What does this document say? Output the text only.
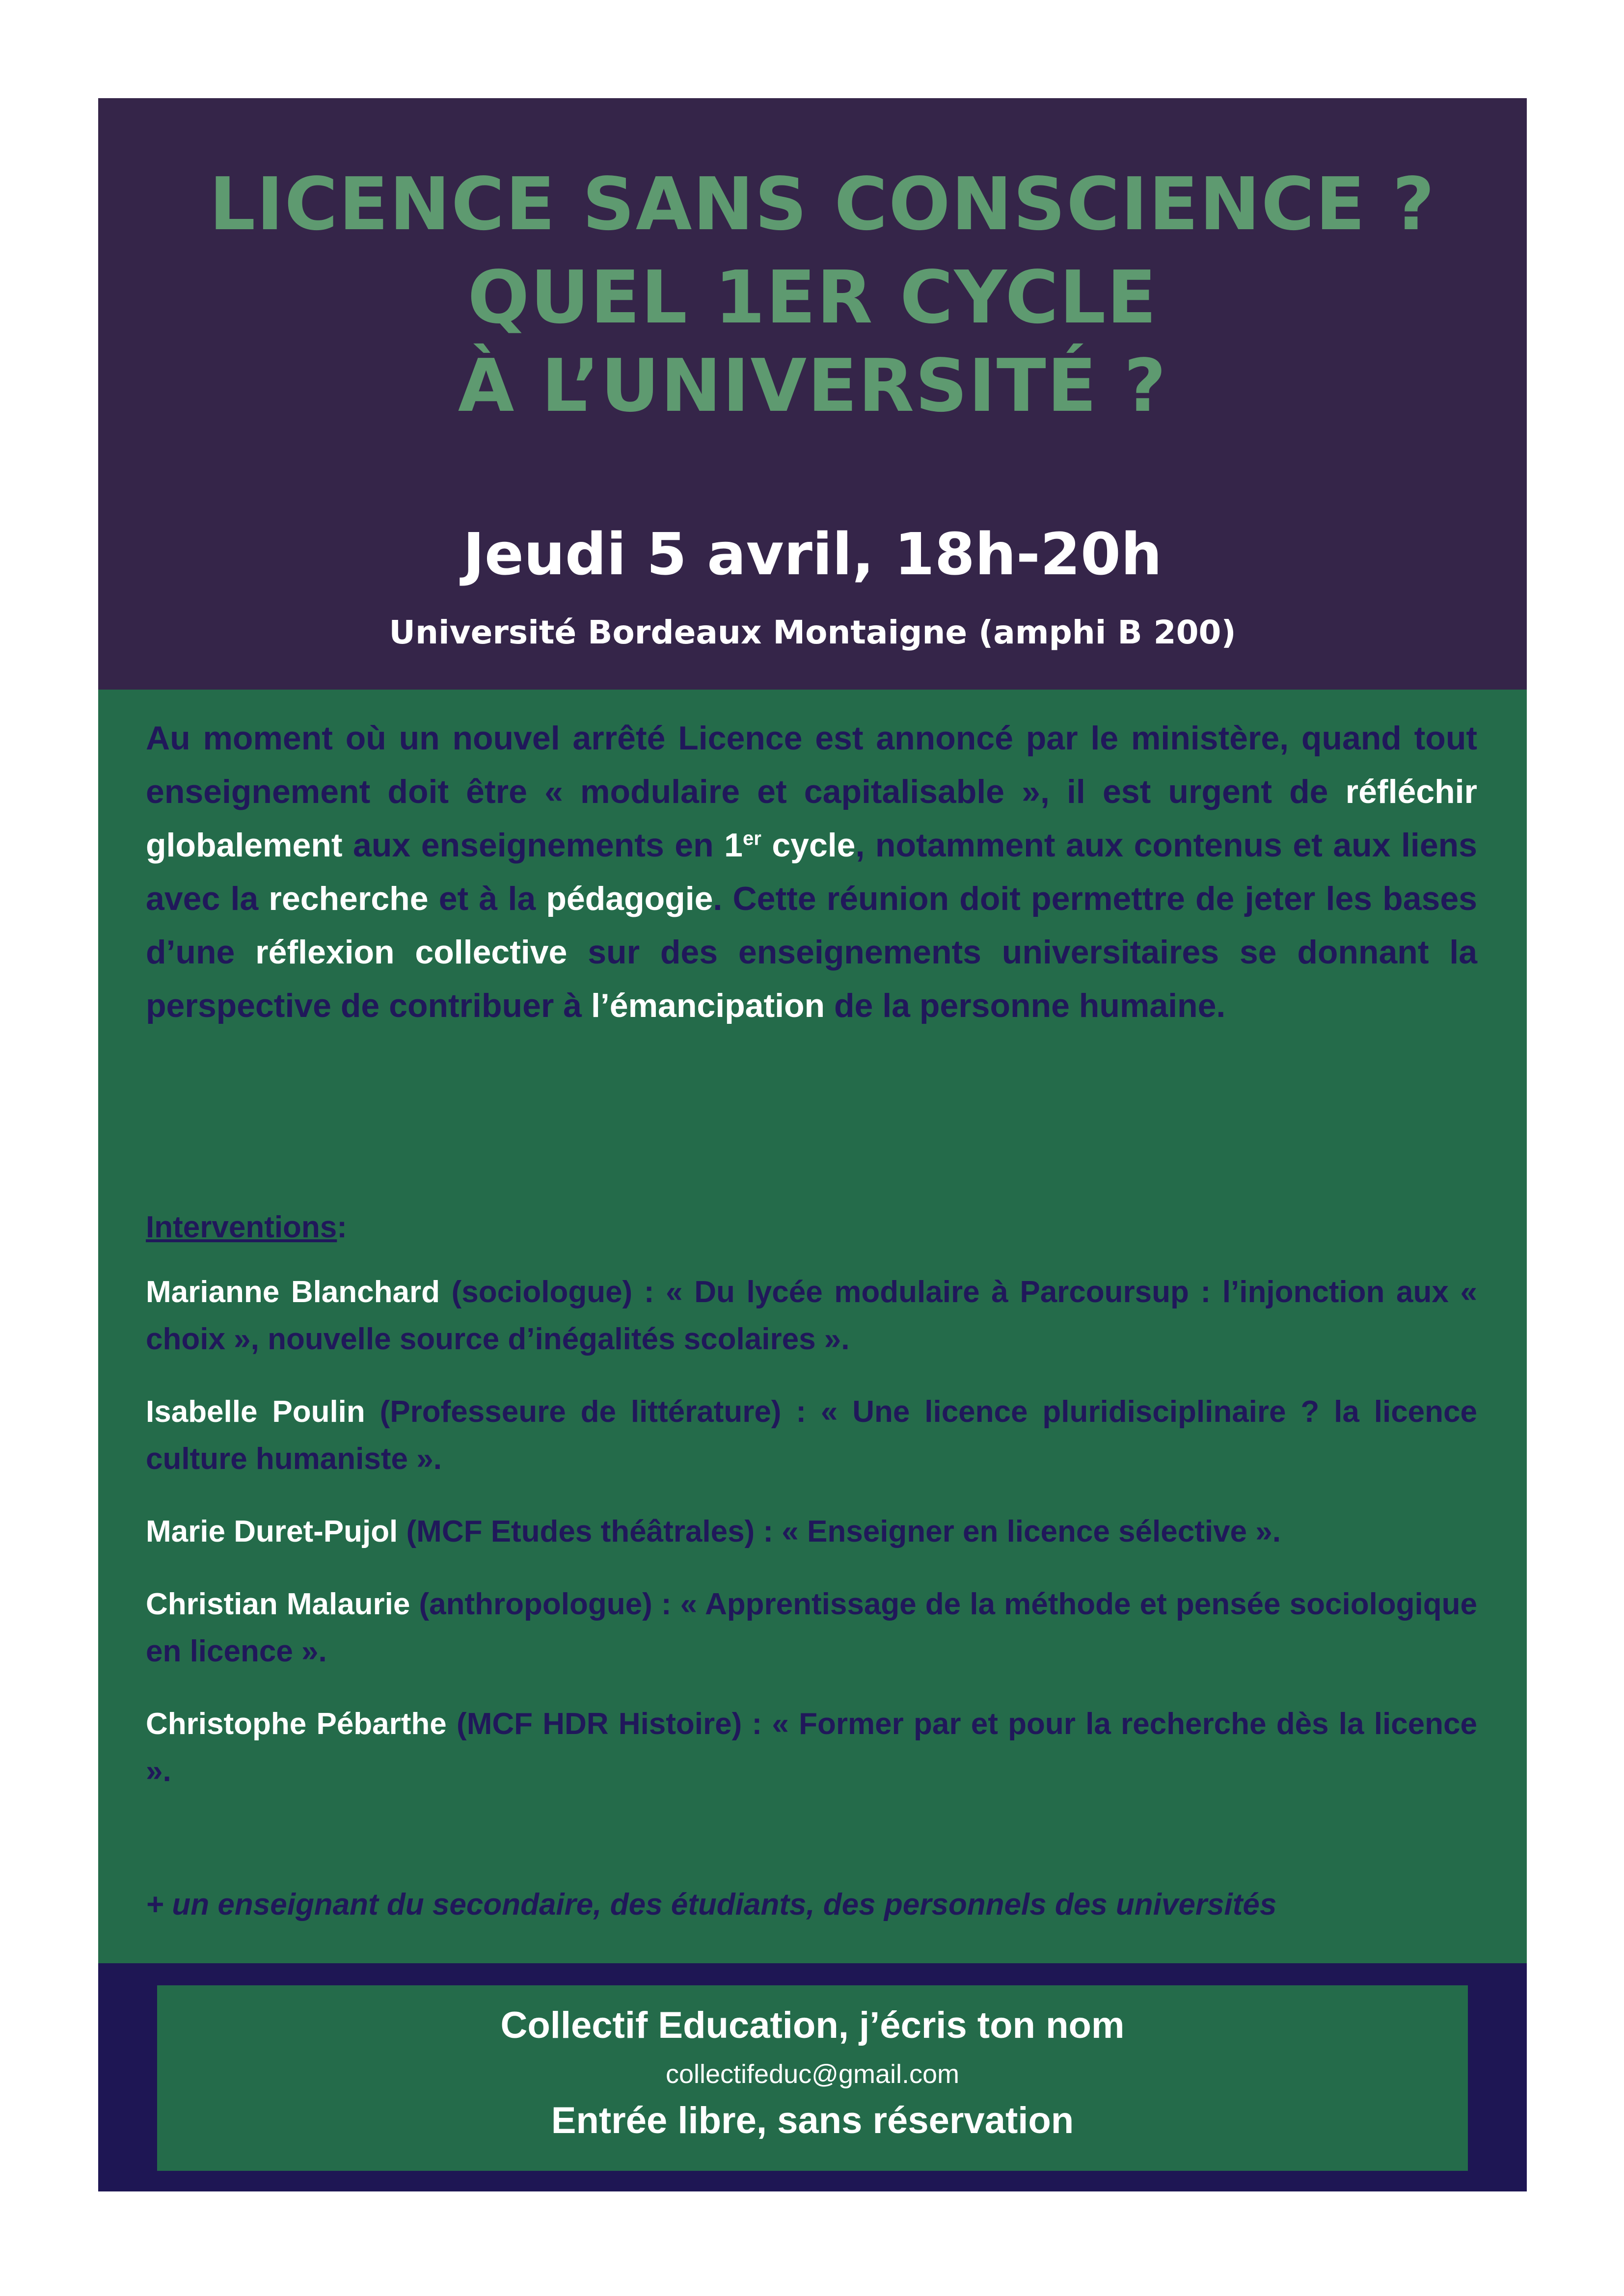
LICENCE SANS CONSCIENCE ?
QUEL 1ER CYCLE
À L’UNIVERSITÉ ?
Jeudi 5 avril, 18h-20h
Université Bordeaux Montaigne (amphi B 200)
Au moment où un nouvel arrêté Licence est annoncé par le ministère, quand tout enseignement doit être « modulaire et capitalisable », il est urgent de réfléchir globalement aux enseignements en 1er cycle, notamment aux contenus et aux liens avec la recherche et à la pédagogie. Cette réunion doit permettre de jeter les bases d’une réflexion collective sur des enseignements universitaires se donnant la perspective de contribuer à l’émancipation de la personne humaine.
Interventions:
Marianne Blanchard (sociologue) : « Du lycée modulaire à Parcoursup : l’injonction aux « choix », nouvelle source d’inégalités scolaires ».
Isabelle Poulin (Professeure de littérature) : « Une licence pluridisciplinaire ? la licence culture humaniste ».
Marie Duret-Pujol (MCF Etudes théâtrales) : « Enseigner en licence sélective ».
Christian Malaurie (anthropologue) : « Apprentissage de la méthode et pensée sociologique en licence ».
Christophe Pébarthe (MCF HDR Histoire) : « Former par et pour la recherche dès la licence ».
+ un enseignant du secondaire, des étudiants, des personnels des universités
Collectif Education, j’écris ton nom
collectifeduc@gmail.com
Entrée libre, sans réservation
